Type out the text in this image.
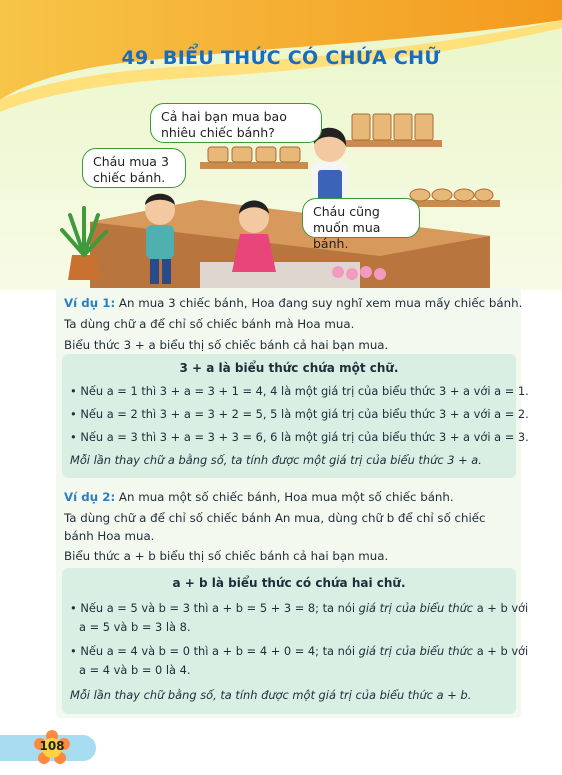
49. BIỂU THỨC CÓ CHỨA CHỮ
Cả hai bạn mua bao nhiêu chiếc bánh?
Cháu mua 3 chiếc bánh.
Cháu cũng muốn mua bánh.
Ví dụ 1: An mua 3 chiếc bánh, Hoa đang suy nghĩ xem mua mấy chiếc bánh.
Ta dùng chữ a để chỉ số chiếc bánh mà Hoa mua.
Biểu thức 3 + a biểu thị số chiếc bánh cả hai bạn mua.
3 + a là biểu thức chứa một chữ.
• Nếu a = 1 thì 3 + a = 3 + 1 = 4, 4 là một giá trị của biểu thức 3 + a với a = 1.
• Nếu a = 2 thì 3 + a = 3 + 2 = 5, 5 là một giá trị của biểu thức 3 + a với a = 2.
• Nếu a = 3 thì 3 + a = 3 + 3 = 6, 6 là một giá trị của biểu thức 3 + a với a = 3.
Mỗi lần thay chữ a bằng số, ta tính được một giá trị của biểu thức 3 + a.
Ví dụ 2: An mua một số chiếc bánh, Hoa mua một số chiếc bánh.
Ta dùng chữ a để chỉ số chiếc bánh An mua, dùng chữ b để chỉ số chiếc
bánh Hoa mua.
Biểu thức a + b biểu thị số chiếc bánh cả hai bạn mua.
a + b là biểu thức có chứa hai chữ.
• Nếu a = 5 và b = 3 thì a + b = 5 + 3 = 8; ta nói giá trị của biểu thức a + b với
a = 5 và b = 3 là 8.
• Nếu a = 4 và b = 0 thì a + b = 4 + 0 = 4; ta nói giá trị của biểu thức a + b với
a = 4 và b = 0 là 4.
Mỗi lần thay chữ bằng số, ta tính được một giá trị của biểu thức a + b.
108
